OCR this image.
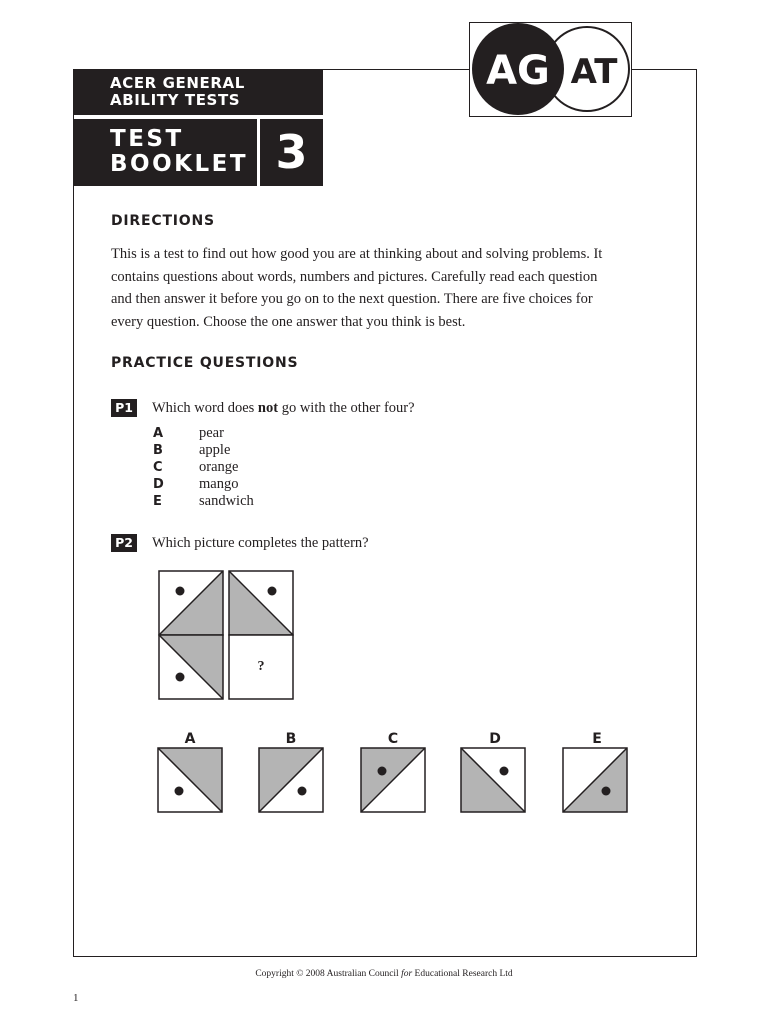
ACER GENERAL
ABILITY TESTS
TEST
BOOKLET 3
AG AT
DIRECTIONS
This is a test to find out how good you are at thinking about and solving problems. It
contains questions about words, numbers and pictures. Carefully read each question
and then answer it before you go on to the next question. There are five choices for
every question. Choose the one answer that you think is best.
PRACTICE QUESTIONS
P1 Which word does not go with the other four?
A pear
B apple
C	orange
D mango
E	sandwich
P2 Which picture completes the pattern?
?
A	B	C	D	E
Copyright © 2008 Australian Council for Educational Research Ltd
1
